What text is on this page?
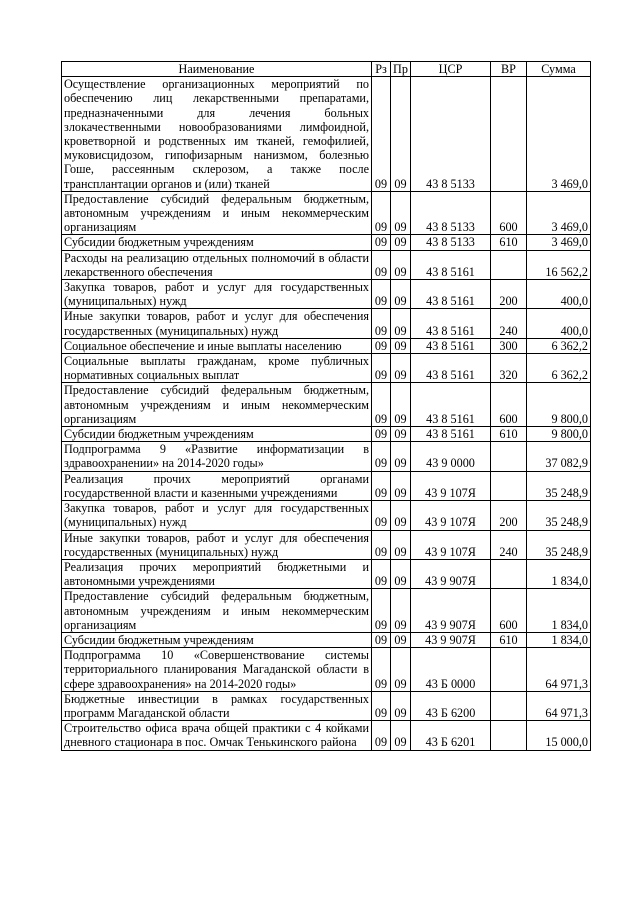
Наименование	Рз	Пр	ЦСР	ВР	Сумма
Осуществление организационных мероприятий по обеспечению лиц лекарственными препаратами, предназначенными для лечения больных злокачественными новообразованиями лимфоидной, кроветворной и родственных им тканей, гемофилией, муковисцидозом, гипофизарным нанизмом, болезнью Гоше, рассеянным склерозом, а также после трансплантации органов и (или) тканей	09	09	43 8 5133		3 469,0
Предоставление субсидий федеральным бюджетным, автономным учреждениям и иным некоммерческим организациям	09	09	43 8 5133	600	3 469,0
Субсидии бюджетным учреждениям	09	09	43 8 5133	610	3 469,0
Расходы на реализацию отдельных полномочий в области лекарственного обеспечения	09	09	43 8 5161		16 562,2
Закупка товаров, работ и услуг для государственных (муниципальных) нужд	09	09	43 8 5161	200	400,0
Иные закупки товаров, работ и услуг для обеспечения государственных (муниципальных) нужд	09	09	43 8 5161	240	400,0
Социальное обеспечение и иные выплаты населению	09	09	43 8 5161	300	6 362,2
Социальные выплаты гражданам, кроме публичных нормативных социальных выплат	09	09	43 8 5161	320	6 362,2
Предоставление субсидий федеральным бюджетным, автономным учреждениям и иным некоммерческим организациям	09	09	43 8 5161	600	9 800,0
Субсидии бюджетным учреждениям	09	09	43 8 5161	610	9 800,0
Подпрограмма 9 «Развитие информатизации в здравоохранении» на 2014-2020 годы»	09	09	43 9 0000		37 082,9
Реализация прочих мероприятий органами государственной власти и казенными учреждениями	09	09	43 9 107Я		35 248,9
Закупка товаров, работ и услуг для государственных (муниципальных) нужд	09	09	43 9 107Я	200	35 248,9
Иные закупки товаров, работ и услуг для обеспечения государственных (муниципальных) нужд	09	09	43 9 107Я	240	35 248,9
Реализация прочих мероприятий бюджетными и автономными учреждениями	09	09	43 9 907Я		1 834,0
Предоставление субсидий федеральным бюджетным, автономным учреждениям и иным некоммерческим организациям	09	09	43 9 907Я	600	1 834,0
Субсидии бюджетным учреждениям	09	09	43 9 907Я	610	1 834,0
Подпрограмма 10 «Совершенствование системы территориального планирования Магаданской области в сфере здравоохранения» на 2014-2020 годы»	09	09	43 Б 0000		64 971,3
Бюджетные инвестиции в рамках государственных программ Магаданской области	09	09	43 Б 6200		64 971,3
Строительство офиса врача общей практики с 4 койками дневного стационара в пос. Омчак Тенькинского района	09	09	43 Б 6201		15 000,0
